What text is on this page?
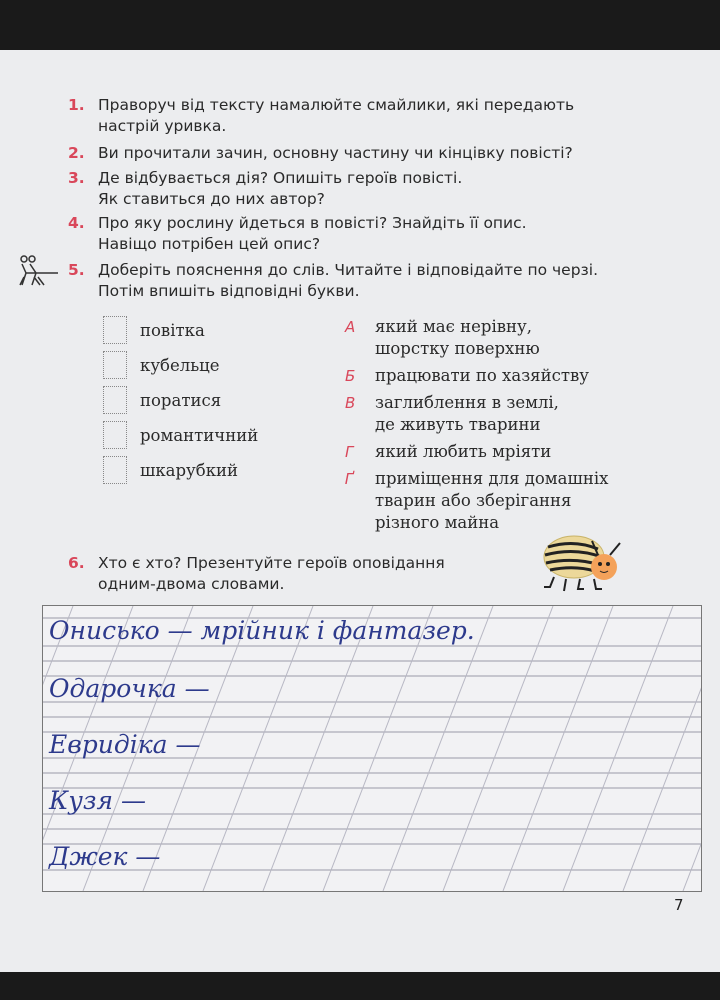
1. Праворуч від тексту намалюйте смайлики, які передають
настрій уривка.
2. Ви прочитали зачин, основну частину чи кінцівку повісті?
3. Де відбувається дія? Опишіть героїв повісті.
Як ставиться до них автор?
4. Про яку рослину йдеться в повісті? Знайдіть її опис.
Навіщо потрібен цей опис?
5. Доберіть пояснення до слів. Читайте і відповідайте по черзі.
Потім впишіть відповідні букви.
повітка
кубельце
поратися
романтичний
шкарубкий
А який має нерівну,
шорстку поверхню
Б працювати по хазяйству
В заглиблення в землі,
де живуть тварини
Г який любить мріяти
Ґ приміщення для домашніх
тварин або зберігання
різного майна
6. Хто є хто? Презентуйте героїв оповідання
одним-двома словами.
Онисько — мрійник і фантазер.
Одарочка —
Евридіка —
Кузя —
Джек —
7
